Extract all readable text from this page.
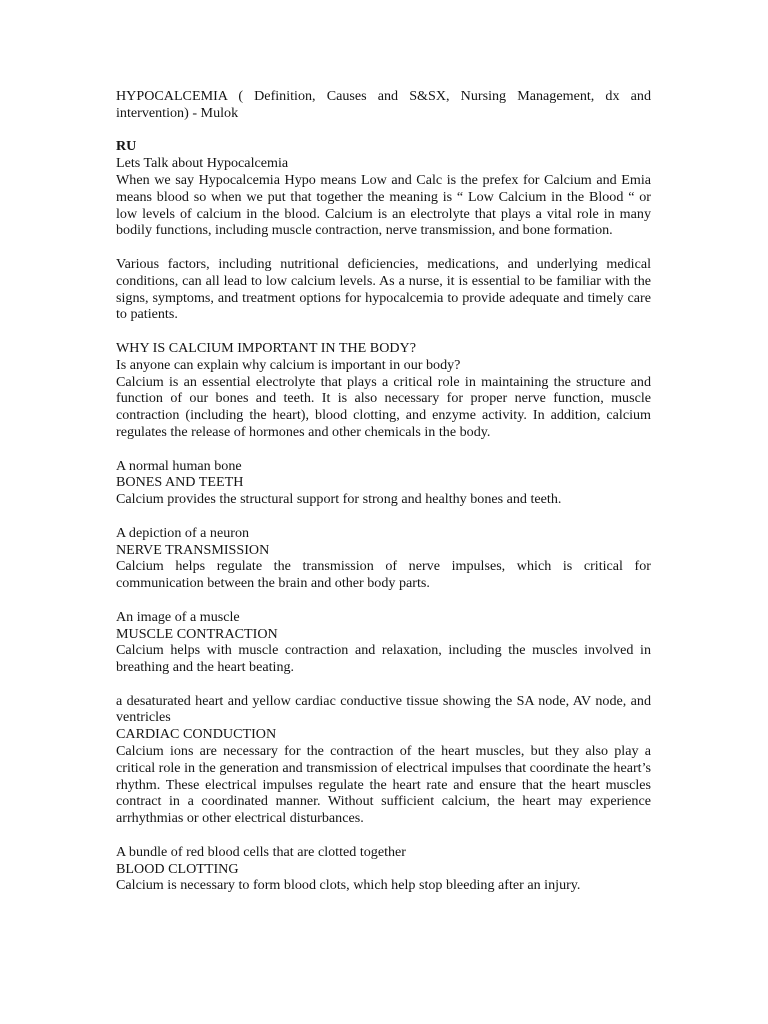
HYPOCALCEMIA ( Definition, Causes and S&SX, Nursing Management, dx and intervention) - Mulok

RU

Lets Talk about Hypocalcemia

When we say Hypocalcemia Hypo means Low and Calc is the prefex for Calcium and Emia means blood so when we put that together the meaning is “ Low Calcium in the Blood “ or low levels of calcium in the blood. Calcium is an electrolyte that plays a vital role in many bodily functions, including muscle contraction, nerve transmission, and bone formation.

Various factors, including nutritional deficiencies, medications, and underlying medical conditions, can all lead to low calcium levels. As a nurse, it is essential to be familiar with the signs, symptoms, and treatment options for hypocalcemia to provide adequate and timely care to patients.

WHY IS CALCIUM IMPORTANT IN THE BODY?

Is anyone can explain why calcium is important in our body?

Calcium is an essential electrolyte that plays a critical role in maintaining the structure and function of our bones and teeth. It is also necessary for proper nerve function, muscle contraction (including the heart), blood clotting, and enzyme activity. In addition, calcium regulates the release of hormones and other chemicals in the body.

A normal human bone

BONES AND TEETH

Calcium provides the structural support for strong and healthy bones and teeth.

A depiction of a neuron

NERVE TRANSMISSION

Calcium helps regulate the transmission of nerve impulses, which is critical for communication between the brain and other body parts.

An image of a muscle

MUSCLE CONTRACTION

Calcium helps with muscle contraction and relaxation, including the muscles involved in breathing and the heart beating.

a desaturated heart and yellow cardiac conductive tissue showing the SA node, AV node, and ventricles

CARDIAC CONDUCTION

Calcium ions are necessary for the contraction of the heart muscles, but they also play a critical role in the generation and transmission of electrical impulses that coordinate the heart’s rhythm. These electrical impulses regulate the heart rate and ensure that the heart muscles contract in a coordinated manner. Without sufficient calcium, the heart may experience arrhythmias or other electrical disturbances.

A bundle of red blood cells that are clotted together

BLOOD CLOTTING

Calcium is necessary to form blood clots, which help stop bleeding after an injury.
